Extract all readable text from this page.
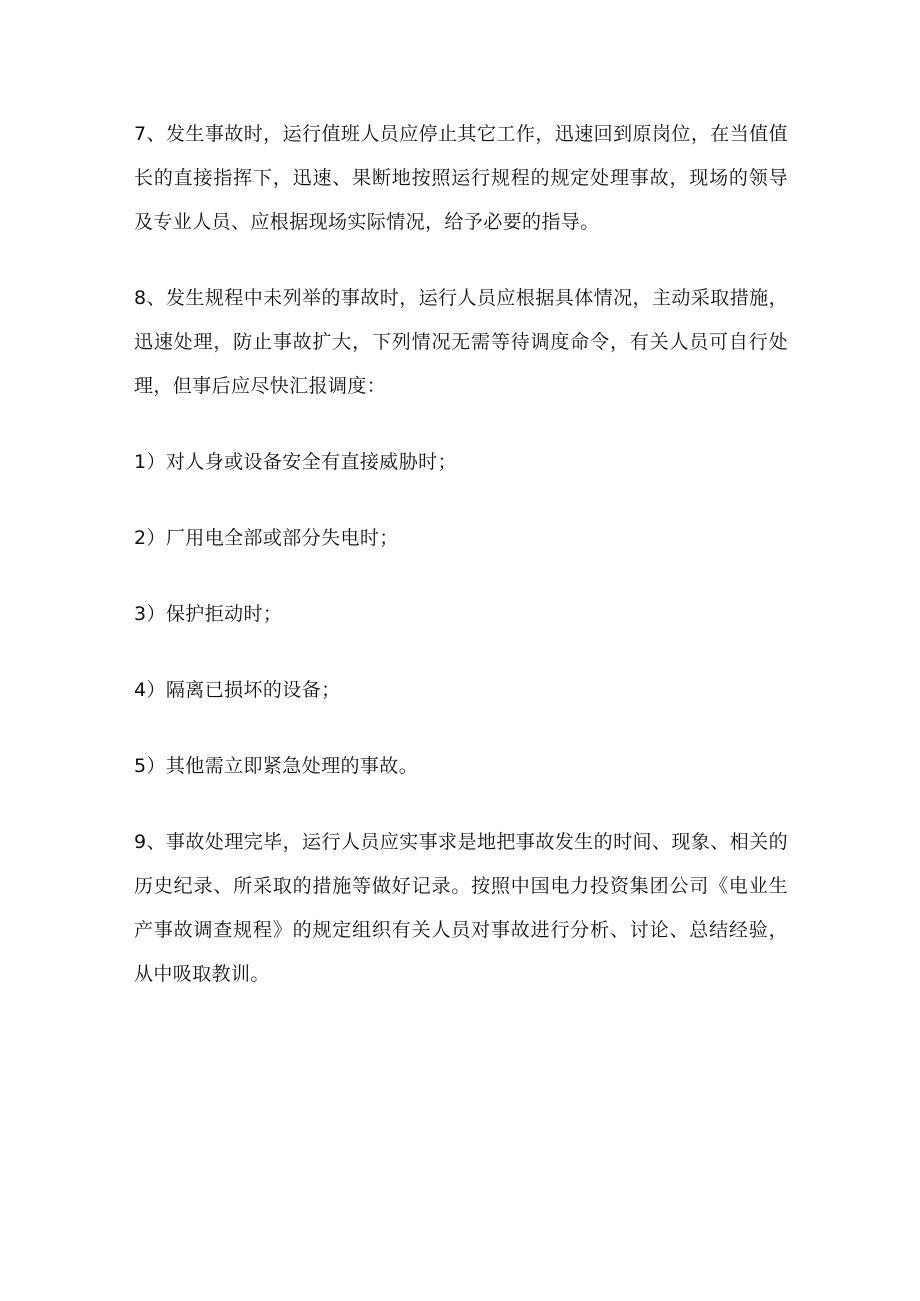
7、发生事故时，运行值班人员应停止其它工作，迅速回到原岗位，在当值值长的直接指挥下，迅速、果断地按照运行规程的规定处理事故，现场的领导及专业人员、应根据现场实际情况，给予必要的指导。

8、发生规程中未列举的事故时，运行人员应根据具体情况，主动采取措施，迅速处理，防止事故扩大，下列情况无需等待调度命令，有关人员可自行处理，但事后应尽快汇报调度：

1）对人身或设备安全有直接威胁时；

2）厂用电全部或部分失电时；

3）保护拒动时；

4）隔离已损坏的设备；

5）其他需立即紧急处理的事故。

9、事故处理完毕，运行人员应实事求是地把事故发生的时间、现象、相关的历史纪录、所采取的措施等做好记录。按照中国电力投资集团公司《电业生产事故调查规程》的规定组织有关人员对事故进行分析、讨论、总结经验，从中吸取教训。
